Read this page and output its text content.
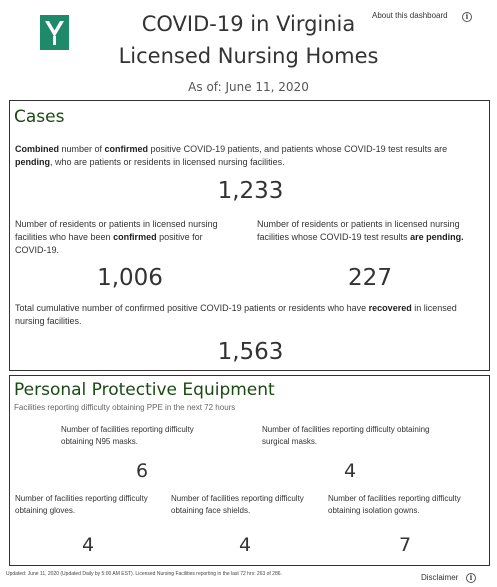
COVID-19 in Virginia
Licensed Nursing Homes
As of: June 11, 2020
About this dashboard	i
Cases
Combined number of confirmed positive COVID-19 patients, and patients whose COVID-19 test results are pending, who are patients or residents in licensed nursing facilities.
1,233
Number of residents or patients in licensed nursing facilities who have been confirmed positive for COVID-19.
Number of residents or patients in licensed nursing facilities whose COVID-19 test results are pending.
1,006	227
Total cumulative number of confirmed positive COVID-19 patients or residents who have recovered in licensed nursing facilities.
1,563
Personal Protective Equipment
Facilities reporting difficulty obtaining PPE in the next 72 hours
Number of facilities reporting difficulty obtaining N95 masks.
6
Number of facilities reporting difficulty obtaining surgical masks.
4
Number of facilities reporting difficulty obtaining gloves.
4
Number of facilities reporting difficulty obtaining face shields.
4
Number of facilities reporting difficulty obtaining isolation gowns.
7
Updated: June 11, 2020 (Updated Daily by 5:00 AM EST). Licensed Nursing Facilities reporting in the last 72 hrs: 263 of 286.	Disclaimer	i
